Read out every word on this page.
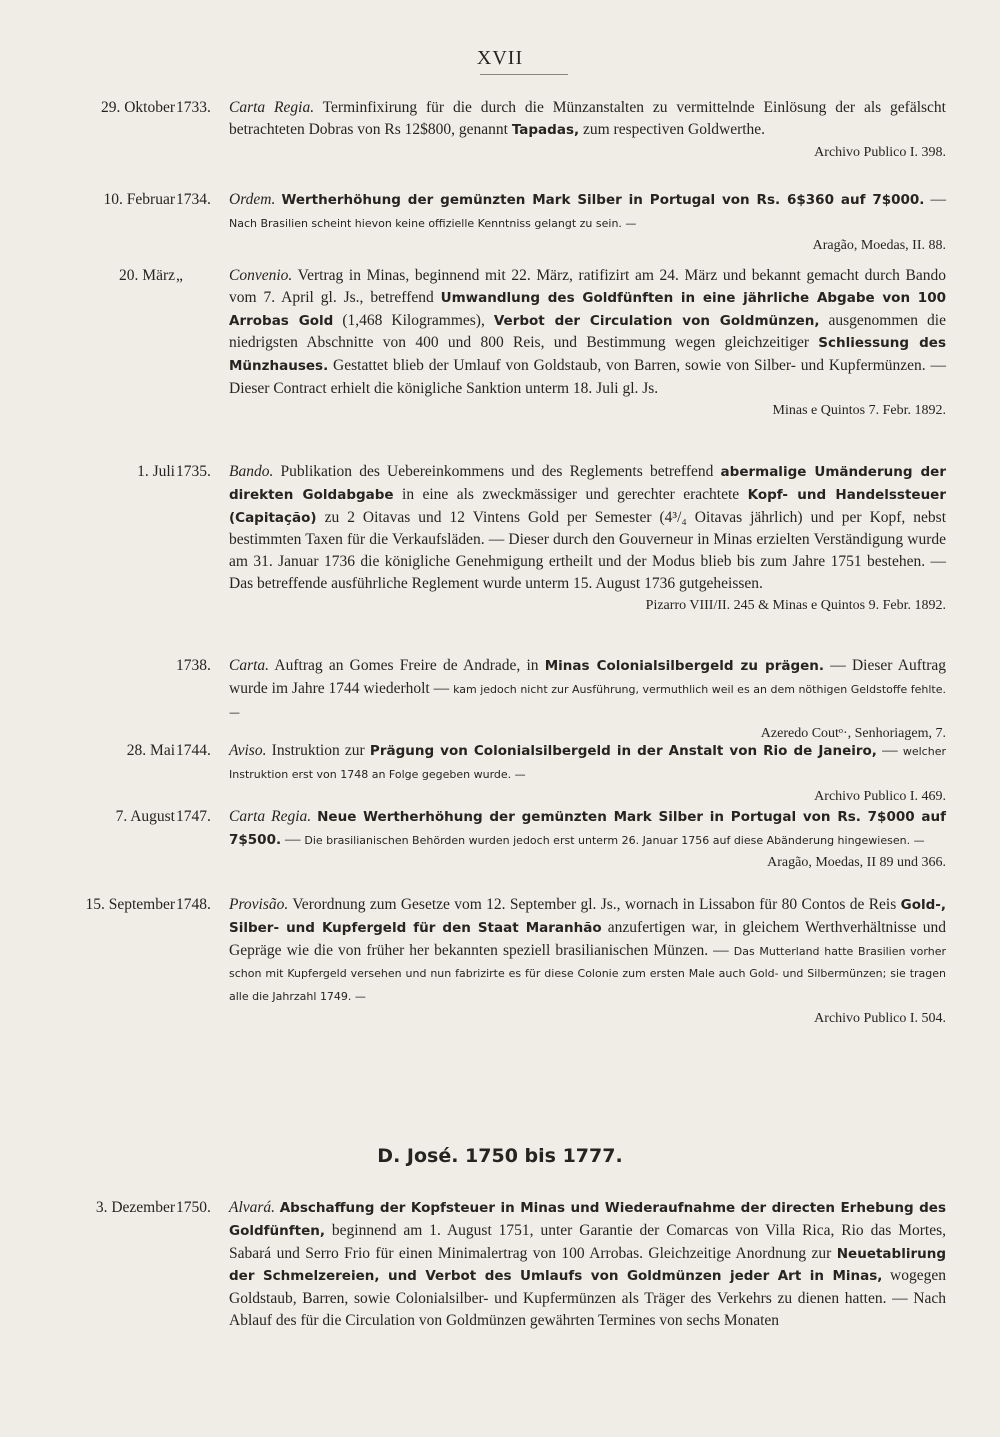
XVII
29. Oktober 1733.	Carta Regia. Terminfixirung für die durch die Münzanstalten zu vermittelnde Einlösung der als gefälscht betrachteten Dobras von Rs 12$800, genannt Tapadas, zum respectiven Goldwerthe.
Archivo Publico I. 398.
10. Februar 1734.	Ordem. Wertherhöhung der gemünzten Mark Silber in Portugal von Rs. 6$360 auf 7$000. — Nach Brasilien scheint hievon keine offizielle Kenntniss gelangt zu sein. —
Aragão, Moedas, II. 88.
20. März „	Convenio. Vertrag in Minas, beginnend mit 22. März, ratifizirt am 24. März und bekannt gemacht durch Bando vom 7. April gl. Js., betreffend Umwandlung des Goldfünften in eine jährliche Abgabe von 100 Arrobas Gold (1,468 Kilogrammes), Verbot der Circulation von Goldmünzen, ausgenommen die niedrigsten Abschnitte von 400 und 800 Reis, und Bestimmung wegen gleichzeitiger Schliessung des Münzhauses. Gestattet blieb der Umlauf von Goldstaub, von Barren, sowie von Silber- und Kupfermünzen. — Dieser Contract erhielt die königliche Sanktion unterm 18. Juli gl. Js.
Minas e Quintos 7. Febr. 1892.
1. Juli 1735.	Bando. Publikation des Uebereinkommens und des Reglements betreffend abermalige Umänderung der direkten Goldabgabe in eine als zweckmässiger und gerechter erachtete Kopf- und Handelssteuer (Capitação) zu 2 Oitavas und 12 Vintens Gold per Semester (4³/₄ Oitavas jährlich) und per Kopf, nebst bestimmten Taxen für die Verkaufsläden. — Dieser durch den Gouverneur in Minas erzielten Verständigung wurde am 31. Januar 1736 die königliche Genehmigung ertheilt und der Modus blieb bis zum Jahre 1751 bestehen. — Das betreffende ausführliche Reglement wurde unterm 15. August 1736 gutgeheissen.
Pizarro VIII/II. 245 & Minas e Quintos 9. Febr. 1892.
1738.	Carta. Auftrag an Gomes Freire de Andrade, in Minas Colonialsilbergeld zu prägen. — Dieser Auftrag wurde im Jahre 1744 wiederholt — kam jedoch nicht zur Ausführung, vermuthlich weil es an dem nöthigen Geldstoffe fehlte. —
Azeredo Coutᵒ·, Senhoriagem, 7.
28. Mai 1744.	Aviso. Instruktion zur Prägung von Colonialsilbergeld in der Anstalt von Rio de Janeiro, — welcher Instruktion erst von 1748 an Folge gegeben wurde. —
Archivo Publico I. 469.
7. August 1747.	Carta Regia. Neue Wertherhöhung der gemünzten Mark Silber in Portugal von Rs. 7$000 auf 7$500. — Die brasilianischen Behörden wurden jedoch erst unterm 26. Januar 1756 auf diese Abänderung hingewiesen. —
Aragão, Moedas, II 89 und 366.
15. September 1748.	Provisão. Verordnung zum Gesetze vom 12. September gl. Js., wornach in Lissabon für 80 Contos de Reis Gold-, Silber- und Kupfergeld für den Staat Maranhão anzufertigen war, in gleichem Werthverhältnisse und Gepräge wie die von früher her bekannten speziell brasilianischen Münzen. — Das Mutterland hatte Brasilien vorher schon mit Kupfergeld versehen und nun fabrizirte es für diese Colonie zum ersten Male auch Gold- und Silbermünzen; sie tragen alle die Jahrzahl 1749. —
Archivo Publico I. 504.
D. José. 1750 bis 1777.
3. Dezember 1750.	Alvará. Abschaffung der Kopfsteuer in Minas und Wiederaufnahme der directen Erhebung des Goldfünften, beginnend am 1. August 1751, unter Garantie der Comarcas von Villa Rica, Rio das Mortes, Sabará und Serro Frio für einen Minimalertrag von 100 Arrobas. Gleichzeitige Anordnung zur Neuetablirung der Schmelzereien, und Verbot des Umlaufs von Goldmünzen jeder Art in Minas, wogegen Goldstaub, Barren, sowie Colonialsilber- und Kupfermünzen als Träger des Verkehrs zu dienen hatten. — Nach Ablauf des für die Circulation von Goldmünzen gewährten Termines von sechs Monaten
